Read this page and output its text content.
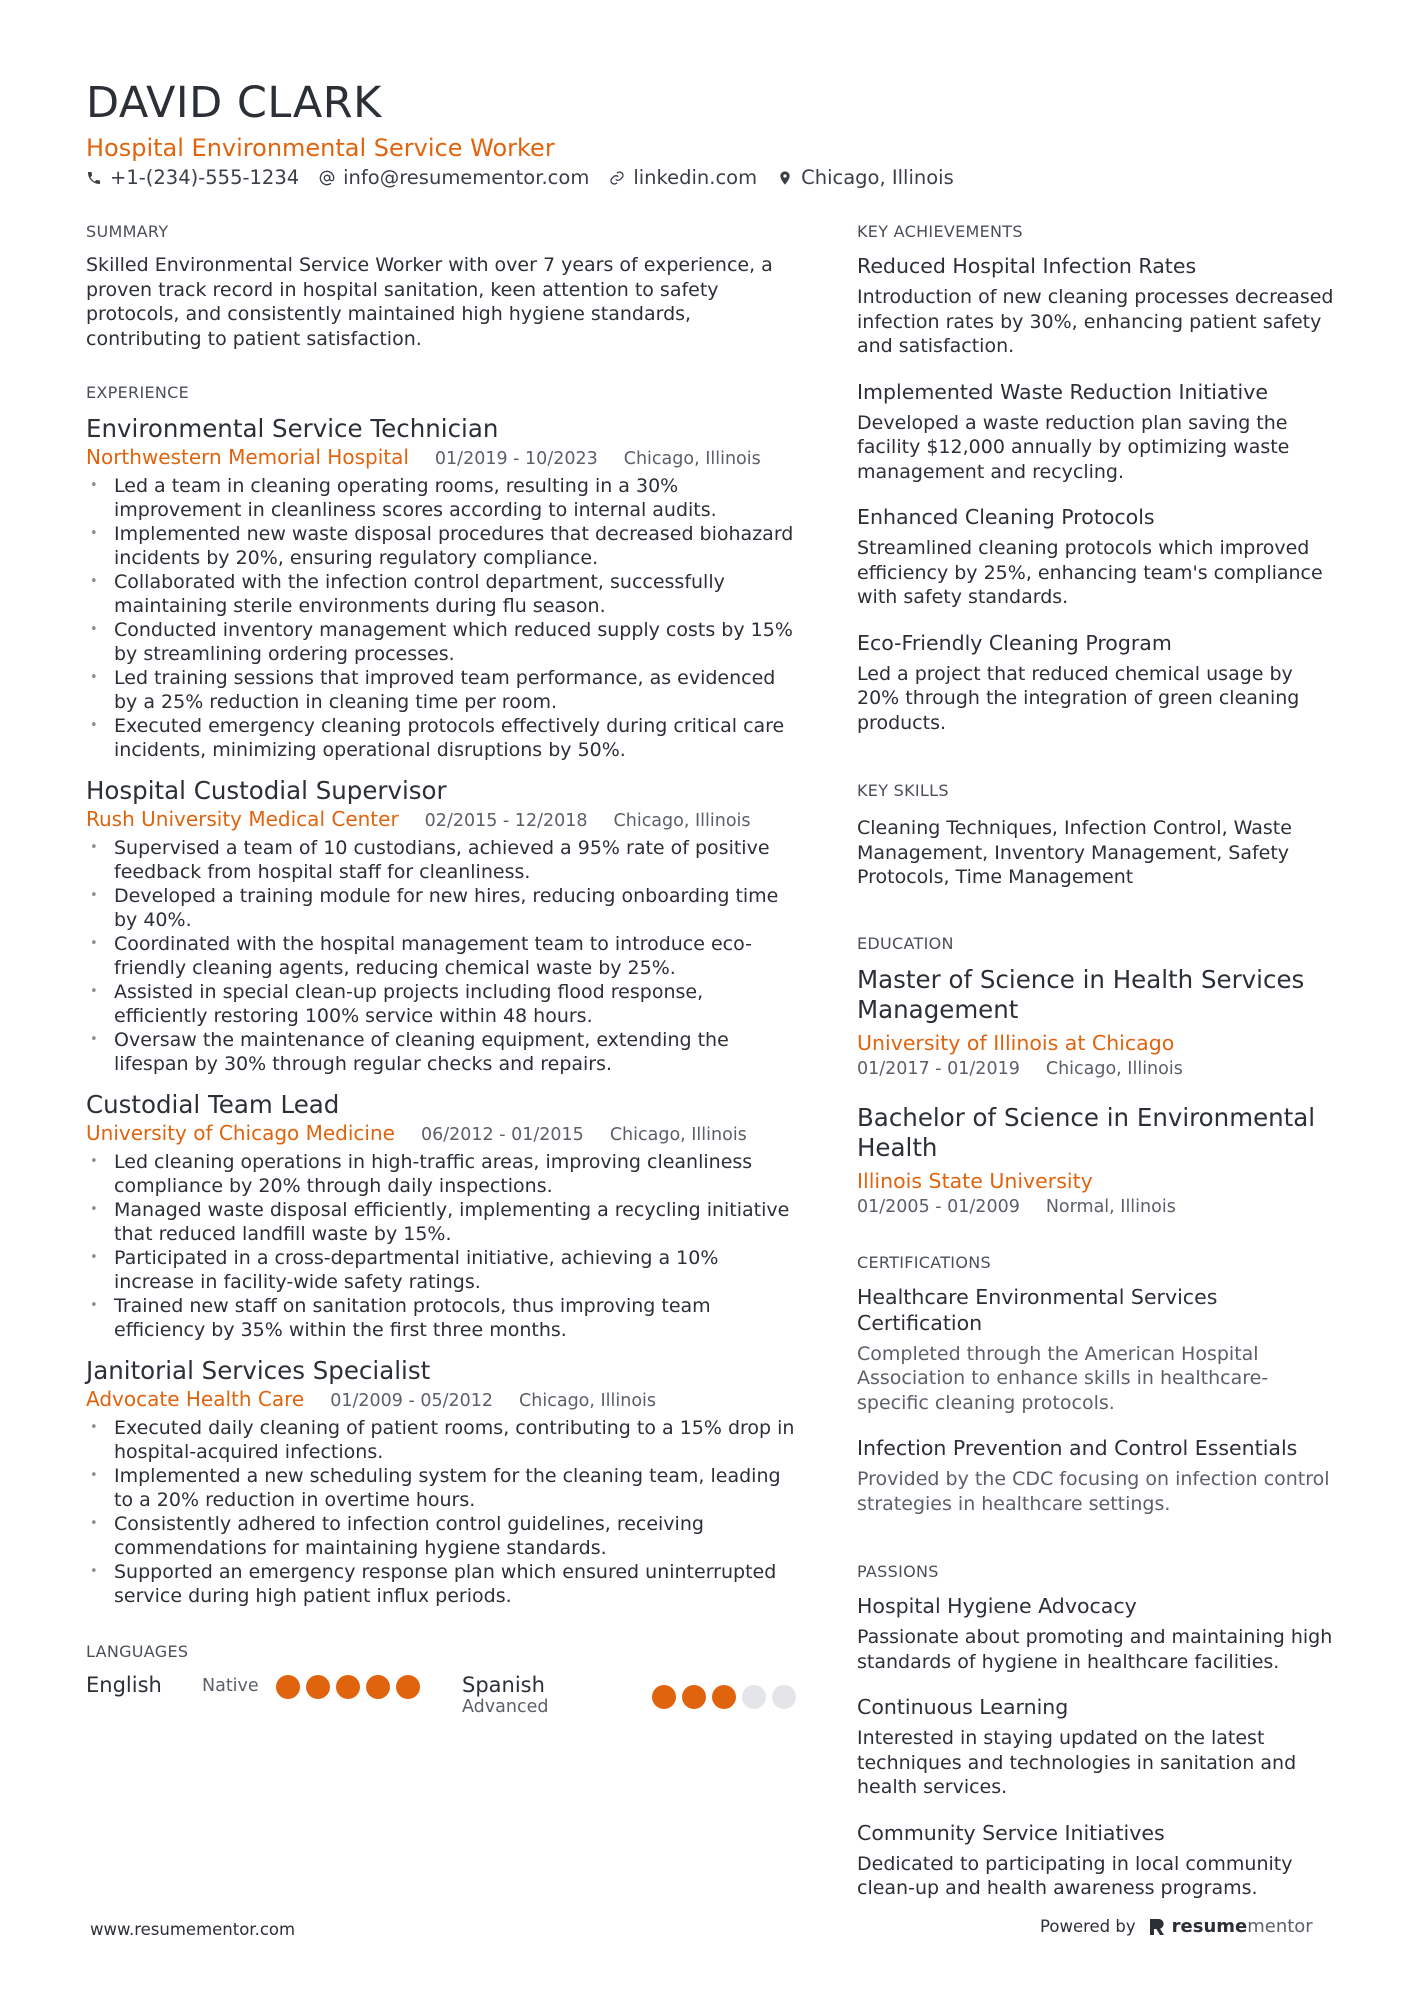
DAVID CLARK
Hospital Environmental Service Worker
+1-(234)-555-1234 info@resumementor.com linkedin.com Chicago, Illinois
SUMMARY
Skilled Environmental Service Worker with over 7 years of experience, a proven track record in hospital sanitation, keen attention to safety protocols, and consistently maintained high hygiene standards, contributing to patient satisfaction.
EXPERIENCE
Environmental Service Technician
Northwestern Memorial Hospital 01/2019 - 10/2023 Chicago, Illinois
• Led a team in cleaning operating rooms, resulting in a 30% improvement in cleanliness scores according to internal audits.
• Implemented new waste disposal procedures that decreased biohazard incidents by 20%, ensuring regulatory compliance.
• Collaborated with the infection control department, successfully maintaining sterile environments during flu season.
• Conducted inventory management which reduced supply costs by 15% by streamlining ordering processes.
• Led training sessions that improved team performance, as evidenced by a 25% reduction in cleaning time per room.
• Executed emergency cleaning protocols effectively during critical care incidents, minimizing operational disruptions by 50%.
Hospital Custodial Supervisor
Rush University Medical Center 02/2015 - 12/2018 Chicago, Illinois
• Supervised a team of 10 custodians, achieved a 95% rate of positive feedback from hospital staff for cleanliness.
• Developed a training module for new hires, reducing onboarding time by 40%.
• Coordinated with the hospital management team to introduce eco-friendly cleaning agents, reducing chemical waste by 25%.
• Assisted in special clean-up projects including flood response, efficiently restoring 100% service within 48 hours.
• Oversaw the maintenance of cleaning equipment, extending the lifespan by 30% through regular checks and repairs.
Custodial Team Lead
University of Chicago Medicine 06/2012 - 01/2015 Chicago, Illinois
• Led cleaning operations in high-traffic areas, improving cleanliness compliance by 20% through daily inspections.
• Managed waste disposal efficiently, implementing a recycling initiative that reduced landfill waste by 15%.
• Participated in a cross-departmental initiative, achieving a 10% increase in facility-wide safety ratings.
• Trained new staff on sanitation protocols, thus improving team efficiency by 35% within the first three months.
Janitorial Services Specialist
Advocate Health Care 01/2009 - 05/2012 Chicago, Illinois
• Executed daily cleaning of patient rooms, contributing to a 15% drop in hospital-acquired infections.
• Implemented a new scheduling system for the cleaning team, leading to a 20% reduction in overtime hours.
• Consistently adhered to infection control guidelines, receiving commendations for maintaining hygiene standards.
• Supported an emergency response plan which ensured uninterrupted service during high patient influx periods.
LANGUAGES
English	Native	Spanish
Advanced
KEY ACHIEVEMENTS
Reduced Hospital Infection Rates
Introduction of new cleaning processes decreased infection rates by 30%, enhancing patient safety and satisfaction.
Implemented Waste Reduction Initiative
Developed a waste reduction plan saving the facility $12,000 annually by optimizing waste management and recycling.
Enhanced Cleaning Protocols
Streamlined cleaning protocols which improved efficiency by 25%, enhancing team's compliance with safety standards.
Eco-Friendly Cleaning Program
Led a project that reduced chemical usage by 20% through the integration of green cleaning products.
KEY SKILLS
Cleaning Techniques, Infection Control, Waste Management, Inventory Management, Safety Protocols, Time Management
EDUCATION
Master of Science in Health Services Management
University of Illinois at Chicago
01/2017 - 01/2019 Chicago, Illinois
Bachelor of Science in Environmental Health
Illinois State University
01/2005 - 01/2009 Normal, Illinois
CERTIFICATIONS
Healthcare Environmental Services Certification
Completed through the American Hospital Association to enhance skills in healthcare-specific cleaning protocols.
Infection Prevention and Control Essentials
Provided by the CDC focusing on infection control strategies in healthcare settings.
PASSIONS
Hospital Hygiene Advocacy
Passionate about promoting and maintaining high standards of hygiene in healthcare facilities.
Continuous Learning
Interested in staying updated on the latest techniques and technologies in sanitation and health services.
Community Service Initiatives
Dedicated to participating in local community clean-up and health awareness programs.
www.resumementor.com	Powered by resume mentor
